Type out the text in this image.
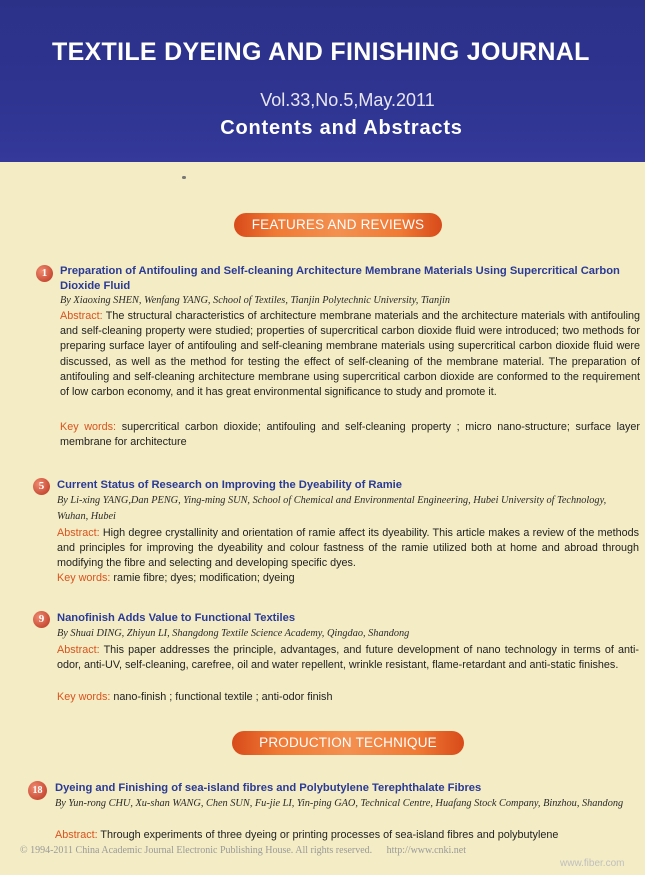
TEXTILE DYEING AND FINISHING JOURNAL
Vol.33,No.5,May.2011
Contents and Abstracts
FEATURES AND REVIEWS
1	Preparation of Antifouling and Self-cleaning Architecture Membrane Materials Using Supercritical Carbon Dioxide Fluid
By Xiaoxing SHEN, Wenfang YANG, School of Textiles, Tianjin Polytechnic University, Tianjin
Abstract: The structural characteristics of architecture membrane materials and the architecture materials with antifouling and self-cleaning property were studied; properties of supercritical carbon dioxide fluid were introduced; two methods for preparing surface layer of antifouling and self-cleaning membrane materials using supercritical carbon dioxide fluid were discussed, as well as the method for testing the effect of self-cleaning of the membrane material. The preparation of antifouling and self-cleaning architecture membrane using supercritical carbon dioxide are conformed to the requirement of low carbon economy, and it has great environmental significance to study and promote it.
Key words: supercritical carbon dioxide; antifouling and self-cleaning property ; micro nano-structure; surface layer membrane for architecture
5	Current Status of Research on Improving the Dyeability of Ramie
By Li-xing YANG,Dan PENG, Ying-ming SUN, School of Chemical and Environmental Engineering, Hubei University of Technology, Wuhan, Hubei
Abstract: High degree crystallinity and orientation of ramie affect its dyeability. This article makes a review of the methods and principles for improving the dyeability and colour fastness of the ramie utilized both at home and abroad through modifying the fibre and selecting and developing specific dyes.
Key words: ramie fibre; dyes; modification; dyeing
9	Nanofinish Adds Value to Functional Textiles
By Shuai DING, Zhiyun LI, Shangdong Textile Science Academy, Qingdao, Shandong
Abstract: This paper addresses the principle, advantages, and future development of nano technology in terms of anti-odor, anti-UV, self-cleaning, carefree, oil and water repellent, wrinkle resistant, flame-retardant and anti-static finishes.
Key words: nano-finish ; functional textile ; anti-odor finish
PRODUCTION TECHNIQUE
18	Dyeing and Finishing of sea-island fibres and Polybutylene Terephthalate Fibres
By Yun-rong CHU, Xu-shan WANG, Chen SUN, Fu-jie LI, Yin-ping GAO, Technical Centre, Huafang Stock Company, Binzhou, Shandong
Abstract: Through experiments of three dyeing or printing processes of sea-island fibres and polybutylene
© 1994-2011 China Academic Journal Electronic Publishing House. All rights reserved. http://www.cnki.net
www.fiber.com
